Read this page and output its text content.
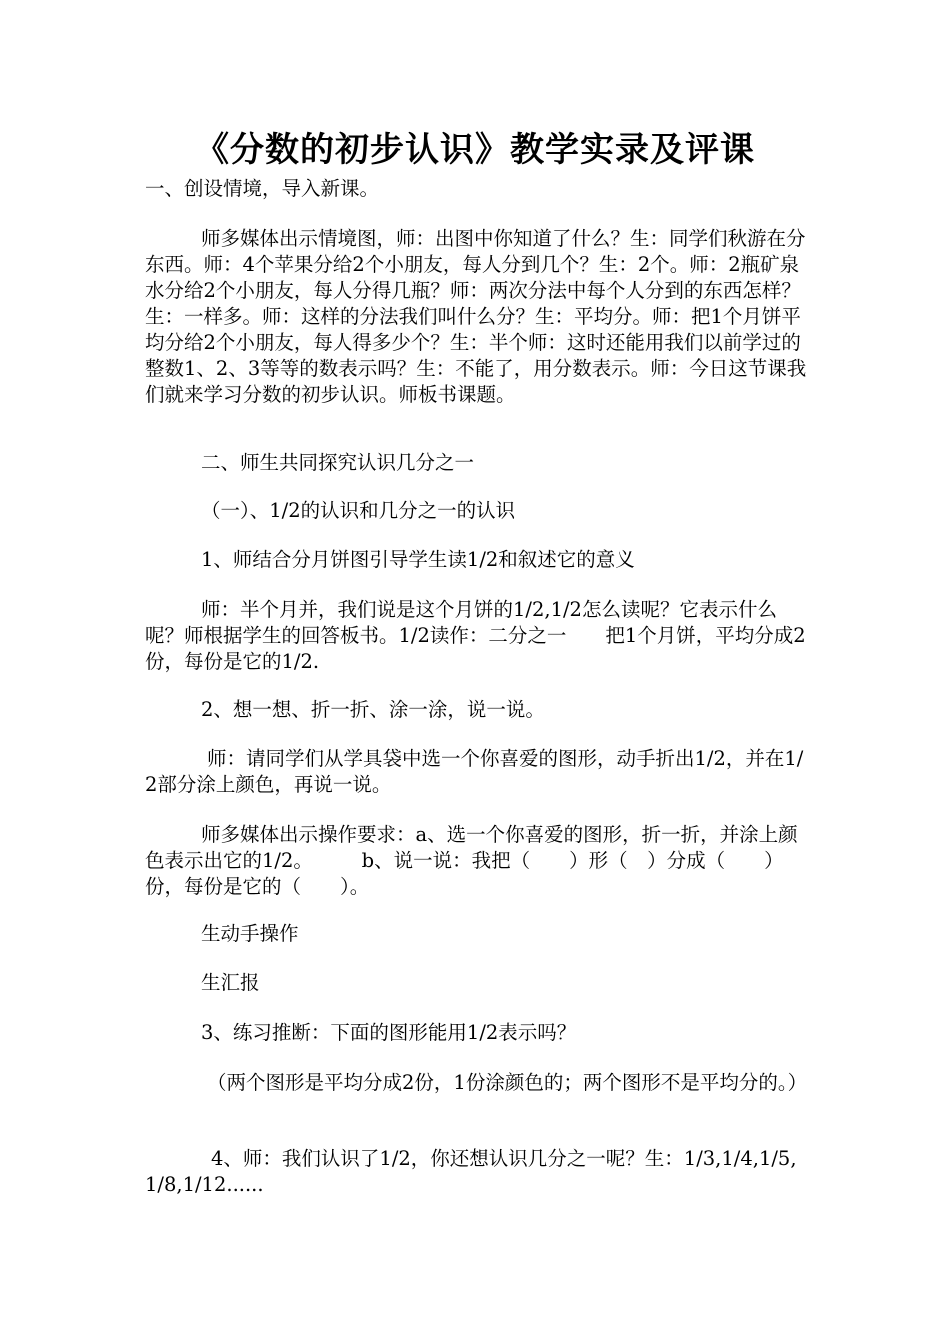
《分数的初步认识》教学实录及评课
一、创设情境，导入新课。
师多媒体出示情境图，师：出图中你知道了什么？生：同学们秋游在分东西。师：4个苹果分给2个小朋友，每人分到几个？生：2个。师：2瓶矿泉水分给2个小朋友，每人分得几瓶？师：两次分法中每个人分到的东西怎样？生：一样多。师：这样的分法我们叫什么分？生：平均分。师：把1个月饼平均分给2个小朋友，每人得多少个？生：半个师：这时还能用我们以前学过的整数1、2、3等等的数表示吗？生：不能了，用分数表示。师：今日这节课我们就来学习分数的初步认识。师板书课题。
二、师生共同探究认识几分之一
（一）、1/2的认识和几分之一的认识
1、师结合分月饼图引导学生读1/2和叙述它的意义
师：半个月并，我们说是这个月饼的1/2,1/2怎么读呢？它表示什么呢？师根据学生的回答板书。1/2读作：二分之一　　把1个月饼，平均分成2份，每份是它的1/2.
2、想一想、折一折、涂一涂，说一说。
师：请同学们从学具袋中选一个你喜爱的图形，动手折出1/2，并在1/2部分涂上颜色，再说一说。
师多媒体出示操作要求：a、选一个你喜爱的图形，折一折，并涂上颜色表示出它的1/2。　　　b、说一说：我把（　　）形（　）分成（　　）份，每份是它的（　　）。
生动手操作
生汇报
3、练习推断：下面的图形能用1/2表示吗？
（两个图形是平均分成2份，1份涂颜色的；两个图形不是平均分的。）
4、师：我们认识了1/2，你还想认识几分之一呢？生：1/3,1/4,1/5,1/8,1/12......
